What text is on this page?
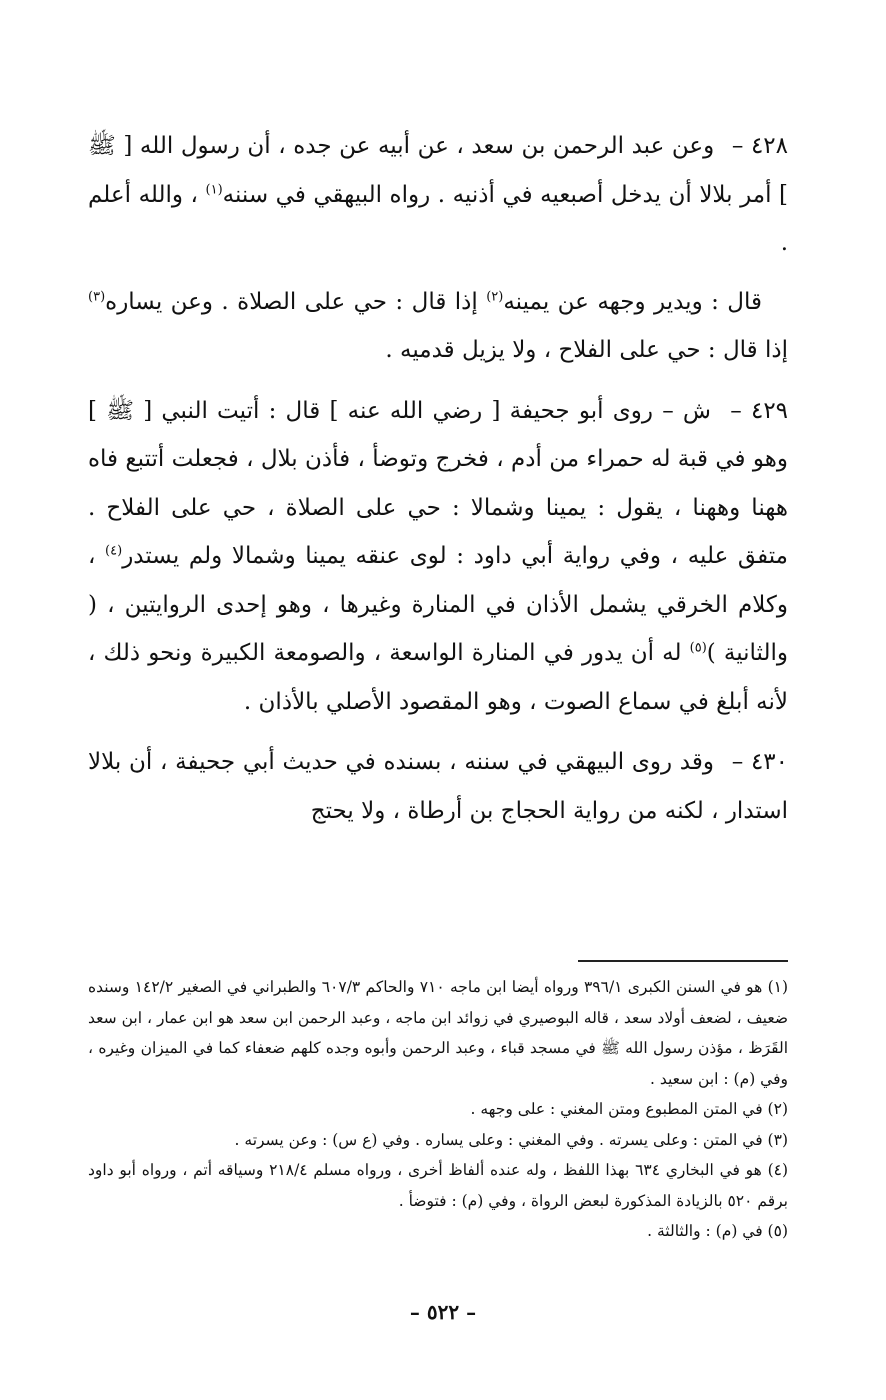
٤٢٨ – وعن عبد الرحمن بن سعد ، عن أبيه عن جده ، أن رسول الله [ ﷺ ] أمر بلالا أن يدخل أصبعيه في أذنيه . رواه البيهقي في سننه$^{(١)}$ ، والله أعلم .

قال : ويدير وجهه عن يمينه$^{(٢)}$ إذا قال : حي على الصلاة . وعن يساره$^{(٣)}$ إذا قال : حي على الفلاح ، ولا يزيل قدميه .

٤٢٩ – ش – روى أبو جحيفة [ رضي الله عنه ] قال : أتيت النبي [ ﷺ ] وهو في قبة له حمراء من أدم ، فخرج وتوضأ ، فأذن بلال ، فجعلت أتتبع فاه ههنا وههنا ، يقول : يمينا وشمالا : حي على الصلاة ، حي على الفلاح . متفق عليه ، وفي رواية أبي داود : لوى عنقه يمينا وشمالا ولم يستدر$^{(٤)}$ ، وكلام الخرقي يشمل الأذان في المنارة وغيرها ، وهو إحدى الروايتين ، ( والثانية )$^{(٥)}$ له أن يدور في المنارة الواسعة ، والصومعة الكبيرة ونحو ذلك ، لأنه أبلغ في سماع الصوت ، وهو المقصود الأصلي بالأذان .

٤٣٠ – وقد روى البيهقي في سننه ، بسنده في حديث أبي جحيفة ، أن بلالا استدار ، لكنه من رواية الحجاج بن أرطاة ، ولا يحتج

(١) هو في السنن الكبرى ٣٩٦/١ ورواه أيضا ابن ماجه ٧١٠ والحاكم ٦٠٧/٣ والطبراني في الصغير ١٤٢/٢ وسنده ضعيف ، لضعف أولاد سعد ، قاله البوصيري في زوائد ابن ماجه ، وعبد الرحمن ابن سعد هو ابن عمار ، ابن سعد القَرَظ ، مؤذن رسول الله ﷺ في مسجد قباء ، وعبد الرحمن وأبوه وجده كلهم ضعفاء كما في الميزان وغيره ، وفي (م) : ابن سعيد .

(٢) في المتن المطبوع ومتن المغني : على وجهه .

(٣) في المتن : وعلى يسرته . وفي المغني : وعلى يساره . وفي (ع س) : وعن يسرته .

(٤) هو في البخاري ٦٣٤ بهذا اللفظ ، وله عنده ألفاظ أخرى ، ورواه مسلم ٢١٨/٤ وسياقه أتم ، ورواه أبو داود برقم ٥٢٠ بالزيادة المذكورة لبعض الرواة ، وفي (م) : فتوضأ .

(٥) في (م) : والثالثة .

– ٥٢٢ –
